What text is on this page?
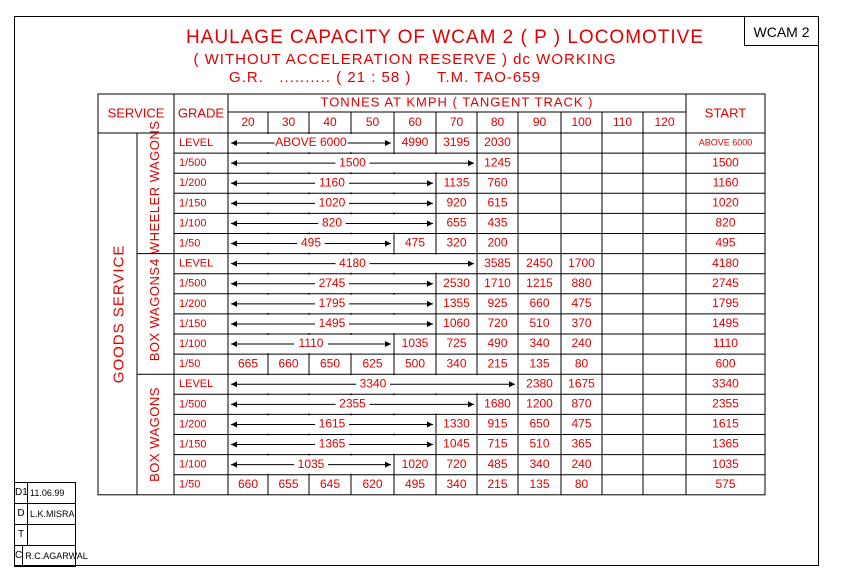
WCAM 2
HAULAGE CAPACITY OF WCAM 2 ( P ) LOCOMOTIVE
( WITHOUT ACCELERATION RESERVE ) dc WORKING
G.R.   .......... ( 21 : 58 )     T.M. TAO-659
SERVICE GRADE
TONNES AT KMPH ( TANGENT TRACK )
START
20 30 40 50 60 70 80 90 100 110 120
GOODS SERVICE
4 WHEELER WAGONS LEVEL	ABOVE 6000	4990 3195 2030	ABOVE 6000
1/500	1500	1245	1500
1/200	1160	1135 760	1160
1/150	1020	920 615	1020
1/100	820	655 435	820
1/50	495	475 320 200	495
BOX WAGONS
LEVEL	4180	3585 2450 1700	4180
1/500	2745	2530 1710 1215 880	2745
1/200	1795	1355 925 660 475	1795
1/150	1495	1060 720 510 370	1495
1/100	1110	1035 725 490 340 240	1110
1/50	665 660 650 625 500 340 215 135 80	600
BOX WAGONS
LEVEL	3340	2380 1675	3340
1/500	2355	1680 1200 870	2355
1/200	1615	1330 915 650 475	1615
1/150	1365	1045 715 510 365	1365
1/100	1035	1020 720 485 340 240	1035
1/50	660 655 645 620 495 340 215 135 80	575
D1 11.06.99
D L.K.MISRA
T
C R.C.AGARWAL
